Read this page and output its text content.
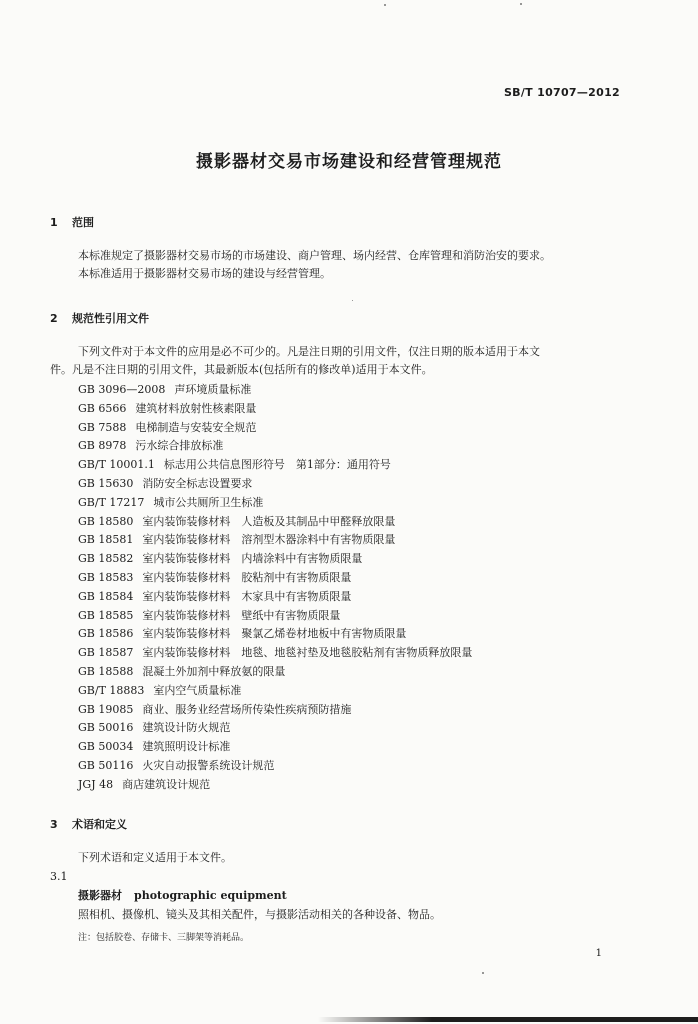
SB/T 10707—2012
摄影器材交易市场建设和经营管理规范
1 范围
本标准规定了摄影器材交易市场的市场建设、商户管理、场内经营、仓库管理和消防治安的要求。
本标准适用于摄影器材交易市场的建设与经营管理。
2 规范性引用文件
下列文件对于本文件的应用是必不可少的。凡是注日期的引用文件，仅注日期的版本适用于本文
件。凡是不注日期的引用文件，其最新版本(包括所有的修改单)适用于本文件。
GB 3096—2008 声环境质量标准
GB 6566 建筑材料放射性核素限量
GB 7588 电梯制造与安装安全规范
GB 8978 污水综合排放标准
GB/T 10001.1 标志用公共信息图形符号　第1部分：通用符号
GB 15630 消防安全标志设置要求
GB/T 17217 城市公共厕所卫生标准
GB 18580 室内装饰装修材料　人造板及其制品中甲醛释放限量
GB 18581 室内装饰装修材料　溶剂型木器涂料中有害物质限量
GB 18582 室内装饰装修材料　内墙涂料中有害物质限量
GB 18583 室内装饰装修材料　胶粘剂中有害物质限量
GB 18584 室内装饰装修材料　木家具中有害物质限量
GB 18585 室内装饰装修材料　壁纸中有害物质限量
GB 18586 室内装饰装修材料　聚氯乙烯卷材地板中有害物质限量
GB 18587 室内装饰装修材料　地毯、地毯衬垫及地毯胶粘剂有害物质释放限量
GB 18588 混凝土外加剂中释放氨的限量
GB/T 18883 室内空气质量标准
GB 19085 商业、服务业经营场所传染性疾病预防措施
GB 50016 建筑设计防火规范
GB 50034 建筑照明设计标准
GB 50116 火灾自动报警系统设计规范
JGJ 48 商店建筑设计规范
3 术语和定义
下列术语和定义适用于本文件。
3.1
摄影器材 photographic equipment
照相机、摄像机、镜头及其相关配件，与摄影活动相关的各种设备、物品。
注：包括胶卷、存储卡、三脚架等消耗品。
1
